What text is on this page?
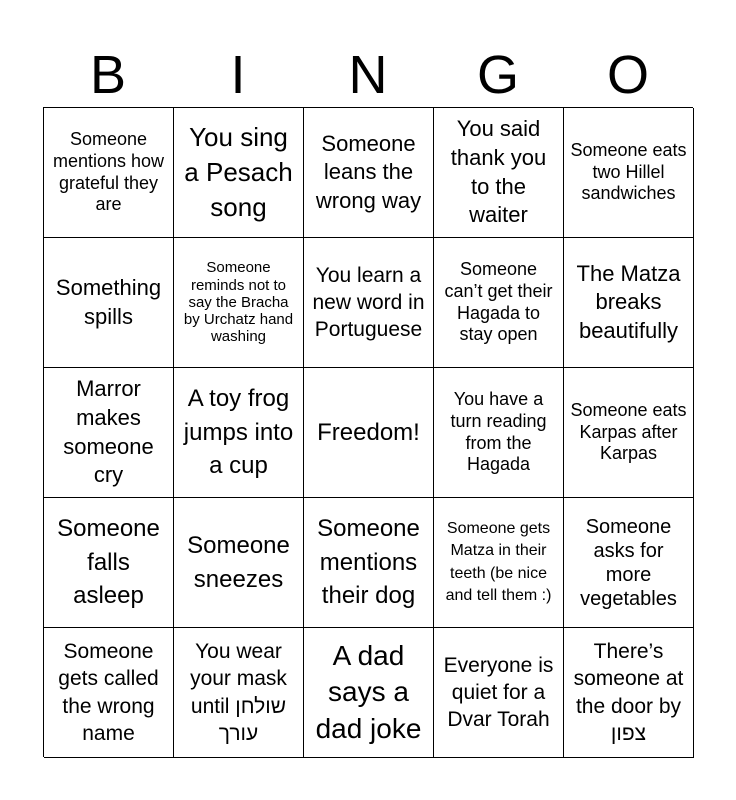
B	I	N	G	O
Someone mentions how grateful they are
You sing a Pesach song
Someone leans the wrong way
You said thank you to the waiter
Someone eats two Hillel sandwiches
Something spills
Someone reminds not to say the Bracha by Urchatz hand washing
You learn a new word in Portuguese
Someone can’t get their Hagada to stay open
The Matza breaks beautifully
Marror makes someone cry
A toy frog jumps into a cup
Freedom!
You have a turn reading from the Hagada
Someone eats Karpas after Karpas
Someone falls asleep
Someone sneezes
Someone mentions their dog
Someone gets Matza in their teeth (be nice and tell them :)
Someone asks for more vegetables
Someone gets called the wrong name
You wear your mask until שולחן עורך
A dad says a dad joke
Everyone is quiet for a Dvar Torah
There’s someone at the door by צפון
